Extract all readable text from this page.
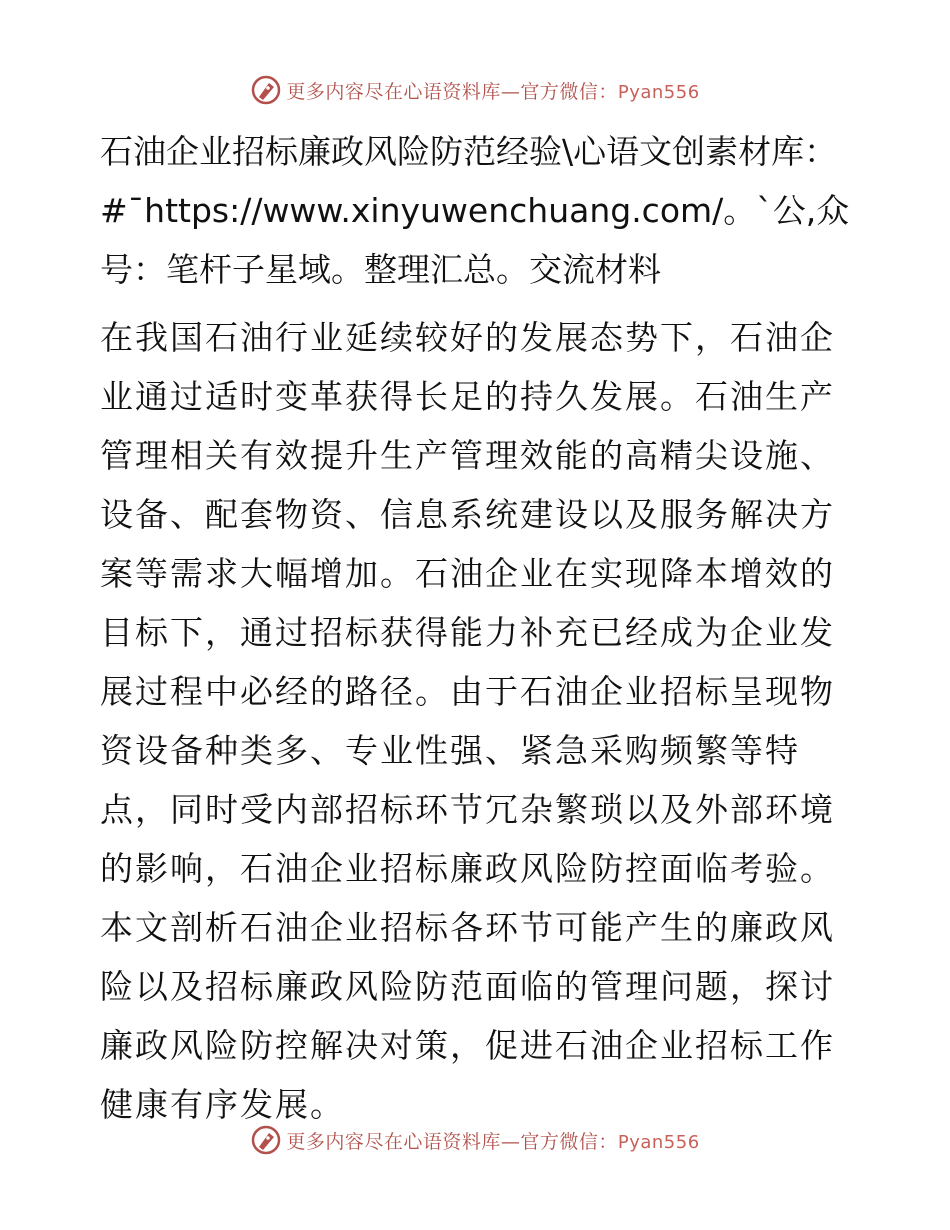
更多内容尽在心语资料库—官方微信：Pyan556

石油企业招标廉政风险防范经验\心语文创素材库：#¯https://www.xinyuwenchuang.com/。`公,众号：笔杆子星域。整理汇总。交流材料

在我国石油行业延续较好的发展态势下，石油企业通过适时变革获得长足的持久发展。石油生产管理相关有效提升生产管理效能的高精尖设施、设备、配套物资、信息系统建设以及服务解决方案等需求大幅增加。石油企业在实现降本增效的目标下，通过招标获得能力补充已经成为企业发展过程中必经的路径。由于石油企业招标呈现物资设备种类多、专业性强、紧急采购频繁等特点，同时受内部招标环节冗杂繁琐以及外部环境的影响，石油企业招标廉政风险防控面临考验。本文剖析石油企业招标各环节可能产生的廉政风险以及招标廉政风险防范面临的管理问题，探讨廉政风险防控解决对策，促进石油企业招标工作健康有序发展。

更多内容尽在心语资料库—官方微信：Pyan556
